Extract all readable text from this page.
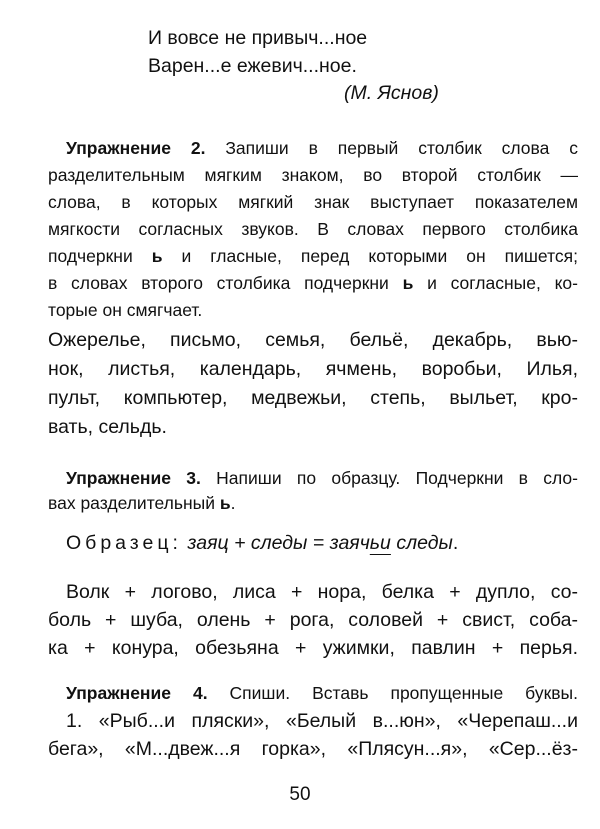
И вовсе не привыч...ное
Варен...е ежевич...ное.
(М. Яснов)
Упражнение 2. Запиши в первый столбик слова с
разделительным мягким знаком, во второй столбик —
слова, в которых мягкий знак выступает показателем
мягкости согласных звуков. В словах первого столбика
подчеркни ь и гласные, перед которыми он пишется;
в словах второго столбика подчеркни ь и согласные, ко-
торые он смягчает.
Ожерелье, письмо, семья, бельё, декабрь, вью-
нок, листья, календарь, ячмень, воробьи, Илья,
пульт, компьютер, медвежьи, степь, выльет, кро-
вать, сельдь.
Упражнение 3. Напиши по образцу. Подчеркни в сло-
вах разделительный ь.
Образец: заяц + следы = заячьи следы.
Волк + логово, лиса + нора, белка + дупло, со-
боль + шуба, олень + рога, соловей + свист, соба-
ка + конура, обезьяна + ужимки, павлин + перья.
Упражнение 4. Спиши. Вставь пропущенные буквы.
1. «Рыб...и пляски», «Белый в...юн», «Черепаш...и
бега», «М...двеж...я горка», «Плясун...я», «Сер...ёз-
50
